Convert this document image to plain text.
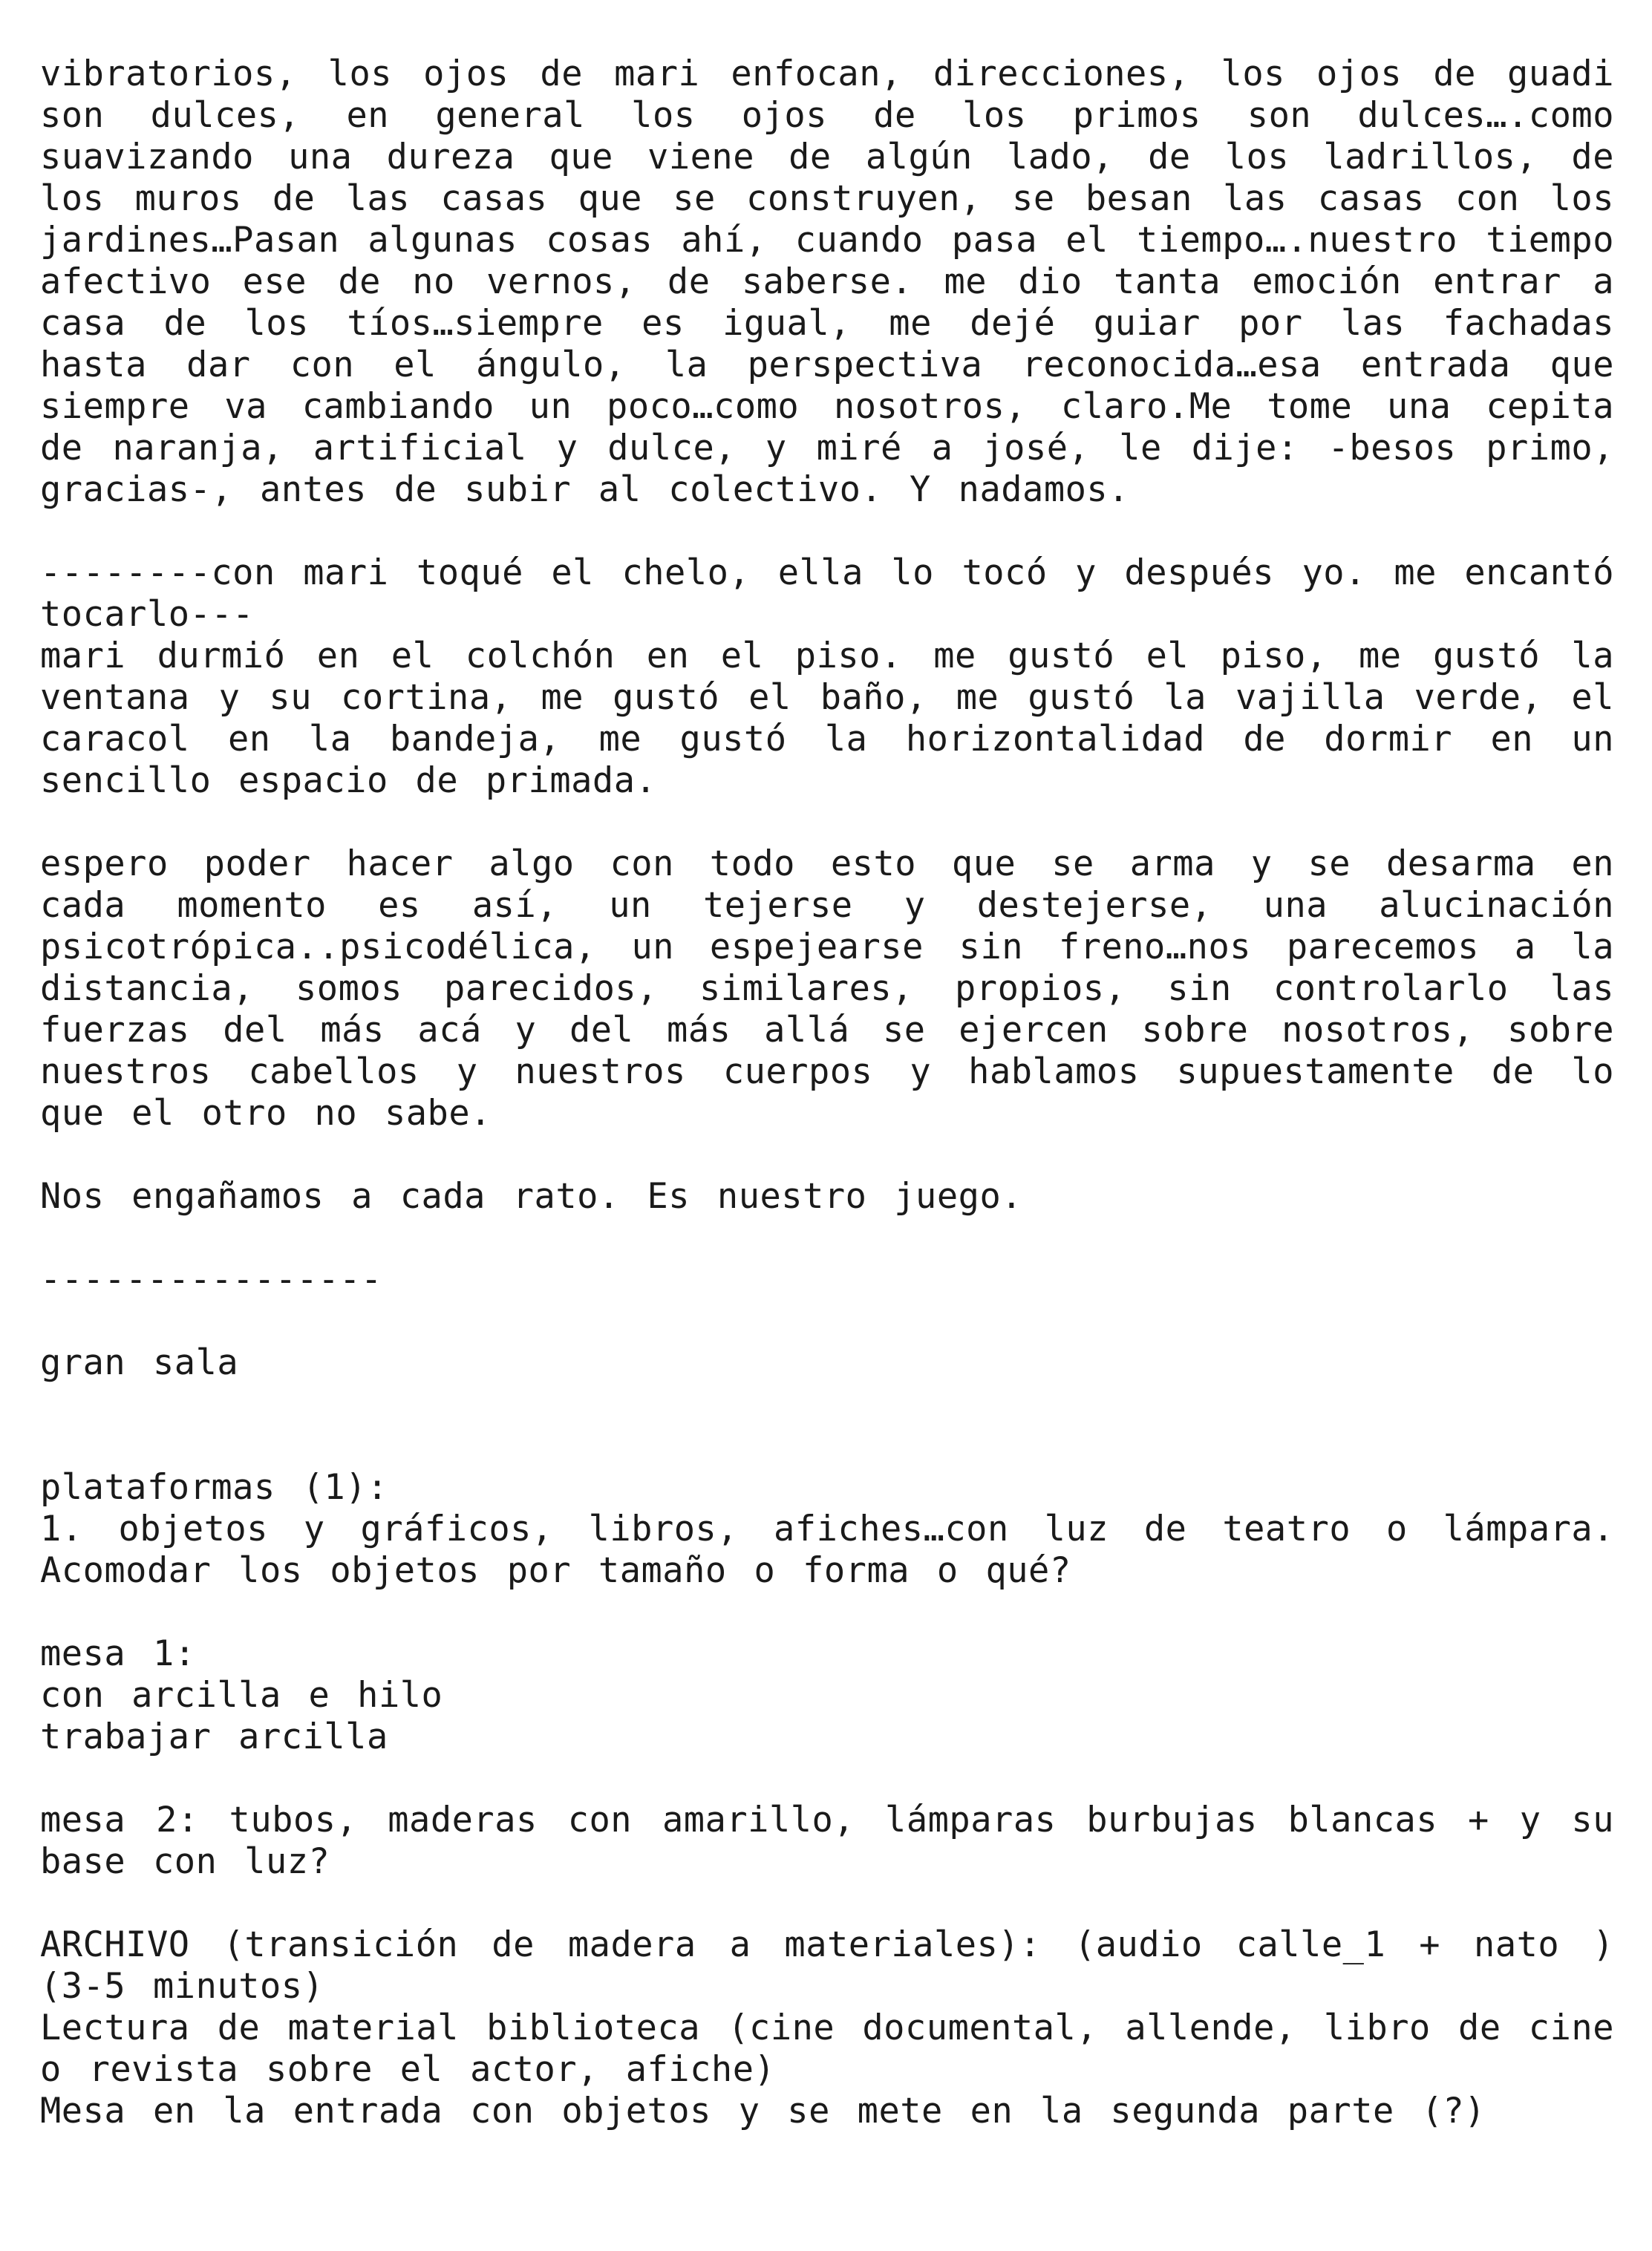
vibratorios, los ojos de mari enfocan, direcciones, los ojos de guadi son dulces, en general los ojos de los primos son dulces….como suavizando una dureza que viene de algún lado, de los ladrillos, de los muros de las casas que se construyen, se besan las casas con los jardines…Pasan algunas cosas ahí, cuando pasa el tiempo….nuestro tiempo afectivo ese de no vernos, de saberse. me dio tanta emoción entrar a casa de los tíos…siempre es igual, me dejé guiar por las fachadas hasta dar con el ángulo, la perspectiva reconocida…esa entrada que siempre va cambiando un poco…como nosotros, claro.Me tome una cepita de naranja, artificial y dulce, y miré a josé, le dije: -besos primo, gracias-, antes de subir al colectivo. Y nadamos.

--------con mari toqué el chelo, ella lo tocó y después yo. me encantó tocarlo---

mari durmió en el colchón en el piso. me gustó el piso, me gustó la ventana y su cortina, me gustó el baño, me gustó la vajilla verde, el caracol en la bandeja, me gustó la horizontalidad de dormir en un sencillo espacio de primada.

espero poder hacer algo con todo esto que se arma y se desarma en cada momento es así, un tejerse y destejerse, una alucinación psicotrópica..psicodélica, un espejearse sin freno…nos parecemos a la distancia, somos parecidos, similares, propios, sin controlarlo las fuerzas del más acá y del más allá se ejercen sobre nosotros, sobre nuestros cabellos y nuestros cuerpos y hablamos supuestamente de lo que el otro no sabe.

Nos engañamos a cada rato. Es nuestro juego.

----------------

gran sala

plataformas (1):

1. objetos y gráficos, libros, afiches…con luz de teatro o lámpara. Acomodar los objetos por tamaño o forma o qué?

mesa 1:

con arcilla e hilo

trabajar arcilla

mesa 2: tubos, maderas con amarillo, lámparas burbujas blancas + y su base con luz?

ARCHIVO (transición de madera a materiales): (audio calle_1 + nato )(3-5 minutos)

Lectura de material biblioteca (cine documental, allende, libro de cine o revista sobre el actor, afiche)

Mesa en la entrada con objetos y se mete en la segunda parte (?)
